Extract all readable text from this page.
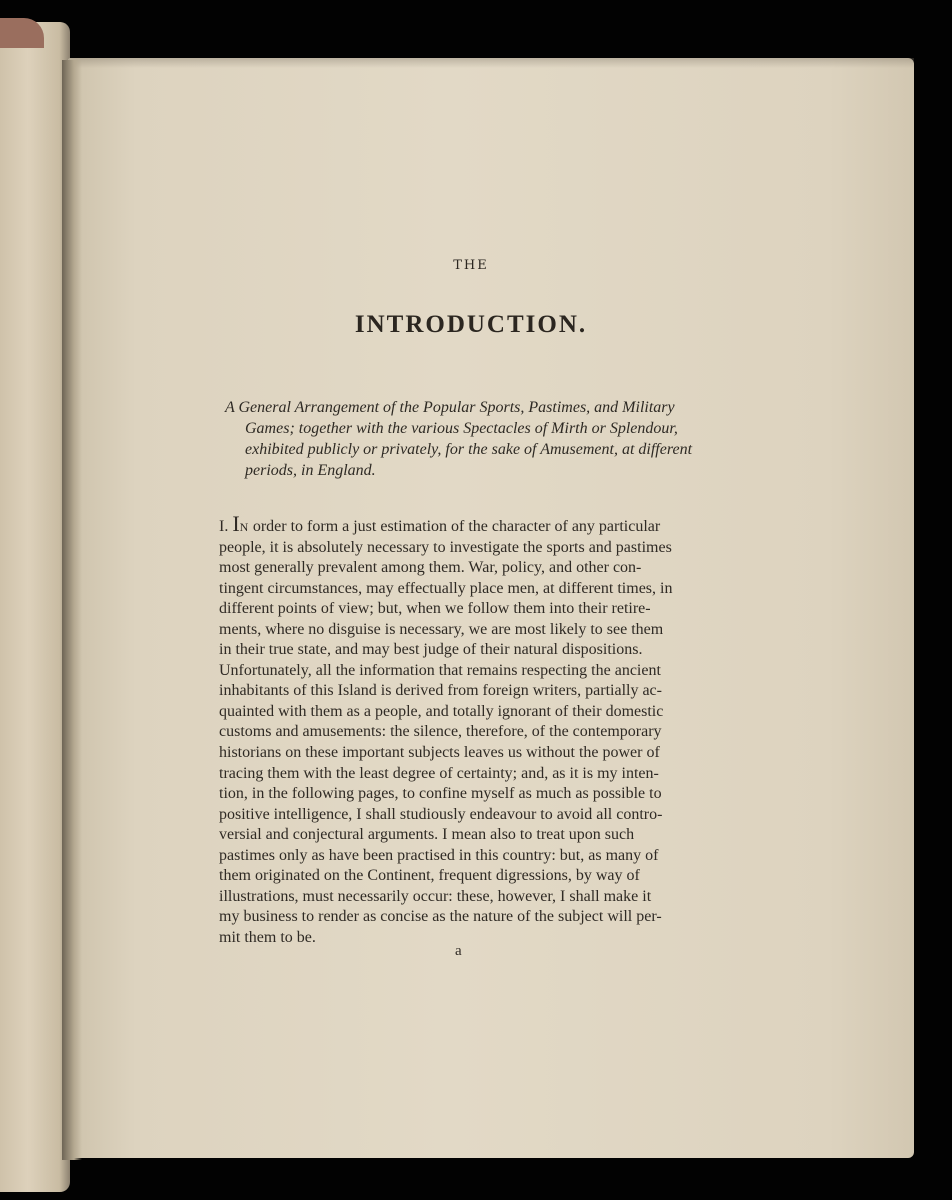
THE
INTRODUCTION.
A General Arrangement of the Popular Sports, Pastimes, and Military
Games; together with the various Spectacles of Mirth or Splendour,
exhibited publicly or privately, for the sake of Amusement, at different
periods, in England.
I. IN order to form a just estimation of the character of any particular
people, it is absolutely necessary to investigate the sports and pastimes
most generally prevalent among them. War, policy, and other con-
tingent circumstances, may effectually place men, at different times, in
different points of view; but, when we follow them into their retire-
ments, where no disguise is necessary, we are most likely to see them
in their true state, and may best judge of their natural dispositions.
Unfortunately, all the information that remains respecting the ancient
inhabitants of this Island is derived from foreign writers, partially ac-
quainted with them as a people, and totally ignorant of their domestic
customs and amusements: the silence, therefore, of the contemporary
historians on these important subjects leaves us without the power of
tracing them with the least degree of certainty; and, as it is my inten-
tion, in the following pages, to confine myself as much as possible to
positive intelligence, I shall studiously endeavour to avoid all contro-
versial and conjectural arguments. I mean also to treat upon such
pastimes only as have been practised in this country: but, as many of
them originated on the Continent, frequent digressions, by way of
illustrations, must necessarily occur: these, however, I shall make it
my business to render as concise as the nature of the subject will per-
mit them to be.
a
